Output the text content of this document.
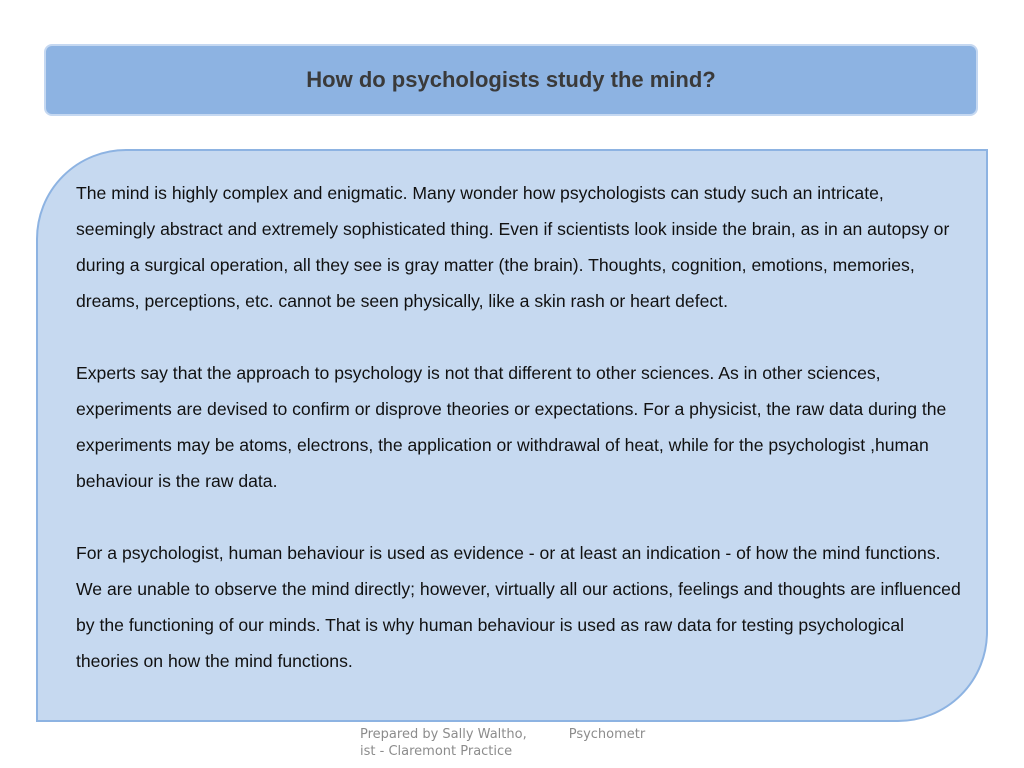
How do psychologists study the mind?

The mind is highly complex and enigmatic. Many wonder how psychologists can study such an intricate, seemingly abstract and extremely sophisticated thing. Even if scientists look inside the brain, as in an autopsy or during a surgical operation, all they see is gray matter (the brain). Thoughts, cognition, emotions, memories, dreams, perceptions, etc. cannot be seen physically, like a skin rash or heart defect.

Experts say that the approach to psychology is not that different to other sciences. As in other sciences, experiments are devised to confirm or disprove theories or expectations. For a physicist, the raw data during the experiments may be atoms, electrons, the application or withdrawal of heat, while for the psychologist ,human behaviour is the raw data.

For a psychologist, human behaviour is used as evidence - or at least an indication - of how the mind functions. We are unable to observe the mind directly; however, virtually all our actions, feelings and thoughts are influenced by the functioning of our minds. That is why human behaviour is used as raw data for testing psychological theories on how the mind functions.

Prepared by Sally Waltho,	Psychometr
ist - Claremont Practice
